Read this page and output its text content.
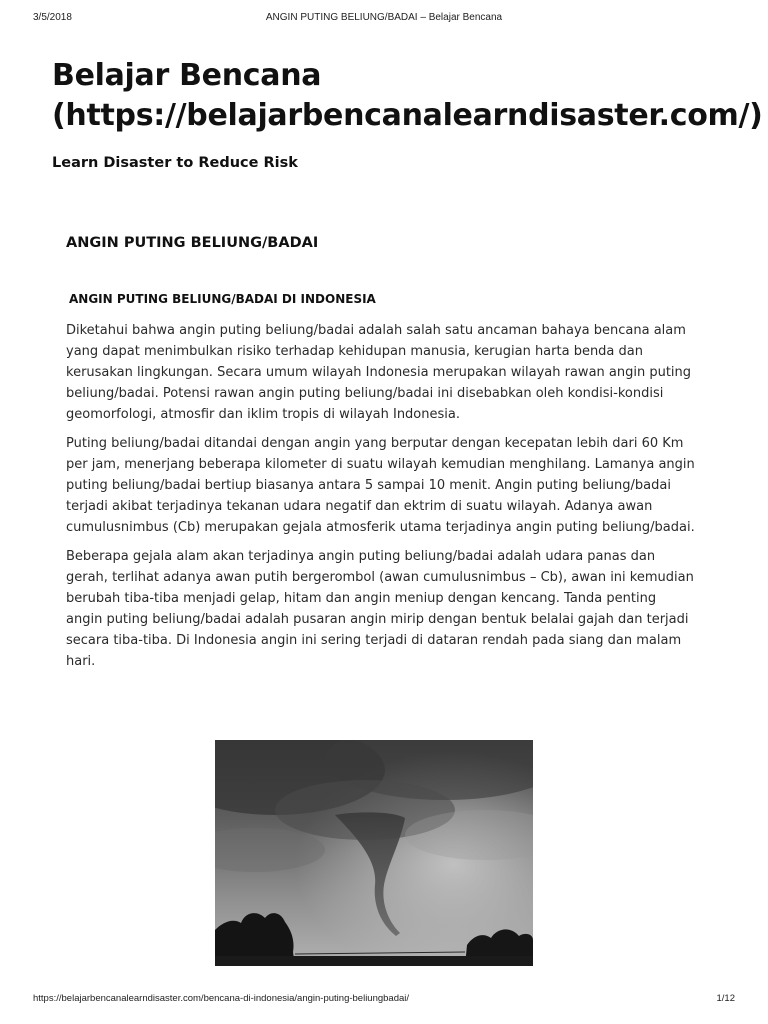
3/5/2018	ANGIN PUTING BELIUNG/BADAI – Belajar Bencana
Belajar Bencana (https://belajarbencanalearndisaster.com/)

Learn Disaster to Reduce Risk

ANGIN PUTING BELIUNG/BADAI
ANGIN PUTING BELIUNG/BADAI DI INDONESIA

Diketahui bahwa angin puting beliung/badai adalah salah satu ancaman bahaya bencana alam yang dapat menimbulkan risiko terhadap kehidupan manusia, kerugian harta benda dan kerusakan lingkungan. Secara umum wilayah Indonesia merupakan wilayah rawan angin puting beliung/badai. Potensi rawan angin puting beliung/badai ini disebabkan oleh kondisi-kondisi geomorfologi, atmosfir dan iklim tropis di wilayah Indonesia.

Puting beliung/badai ditandai dengan angin yang berputar dengan kecepatan lebih dari 60 Km per jam, menerjang beberapa kilometer di suatu wilayah kemudian menghilang. Lamanya angin puting beliung/badai bertiup biasanya antara 5 sampai 10 menit. Angin puting beliung/badai terjadi akibat terjadinya tekanan udara negatif dan ektrim di suatu wilayah. Adanya awan cumulusnimbus (Cb) merupakan gejala atmosferik utama terjadinya angin puting beliung/badai.

Beberapa gejala alam akan terjadinya angin puting beliung/badai adalah udara panas dan gerah, terlihat adanya awan putih bergerombol (awan cumulusnimbus – Cb), awan ini kemudian berubah tiba-tiba menjadi gelap, hitam dan angin meniup dengan kencang. Tanda penting angin puting beliung/badai adalah pusaran angin mirip dengan bentuk belalai gajah dan terjadi secara tiba-tiba. Di Indonesia angin ini sering terjadi di dataran rendah pada siang dan malam hari.

https://belajarbencanalearndisaster.com/bencana-di-indonesia/angin-puting-beliungbadai/	1/12
